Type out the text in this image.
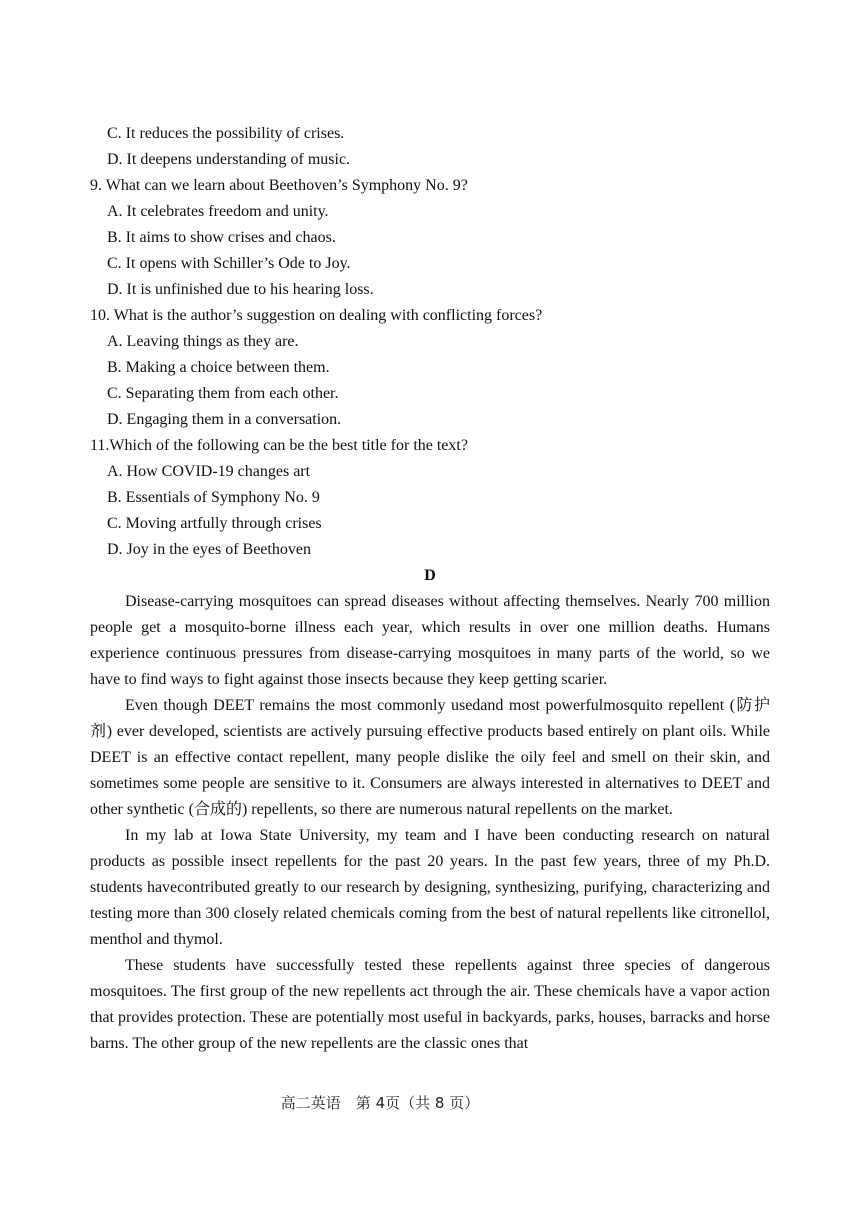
C. It reduces the possibility of crises.
D. It deepens understanding of music.
9. What can we learn about Beethoven’s Symphony No. 9?
A. It celebrates freedom and unity.
B. It aims to show crises and chaos.
C. It opens with Schiller’s Ode to Joy.
D. It is unfinished due to his hearing loss.
10. What is the author’s suggestion on dealing with conflicting forces?
A. Leaving things as they are.
B. Making a choice between them.
C. Separating them from each other.
D. Engaging them in a conversation.
11.Which of the following can be the best title for the text?
A. How COVID-19 changes art
B. Essentials of Symphony No. 9
C. Moving artfully through crises
D. Joy in the eyes of Beethoven
D

Disease-carrying mosquitoes can spread diseases without affecting themselves. Nearly 700 million people get a mosquito-borne illness each year, which results in over one million deaths. Humans experience continuous pressures from disease-carrying mosquitoes in many parts of the world, so we have to find ways to fight against those insects because they keep getting scarier.

Even though DEET remains the most commonly usedand most powerfulmosquito repellent (防护剂) ever developed, scientists are actively pursuing effective products based entirely on plant oils. While DEET is an effective contact repellent, many people dislike the oily feel and smell on their skin, and sometimes some people are sensitive to it. Consumers are always interested in alternatives to DEET and other synthetic (合成的) repellents, so there are numerous natural repellents on the market.

In my lab at Iowa State University, my team and I have been conducting research on natural products as possible insect repellents for the past 20 years. In the past few years, three of my Ph.D. students havecontributed greatly to our research by designing, synthesizing, purifying, characterizing and testing more than 300 closely related chemicals coming from the best of natural repellents like citronellol, menthol and thymol.

These students have successfully tested these repellents against three species of dangerous mosquitoes. The first group of the new repellents act through the air. These chemicals have a vapor action that provides protection. These are potentially most useful in backyards, parks, houses, barracks and horse barns. The other group of the new repellents are the classic ones that

高二英语　第 4页（共 8 页）
